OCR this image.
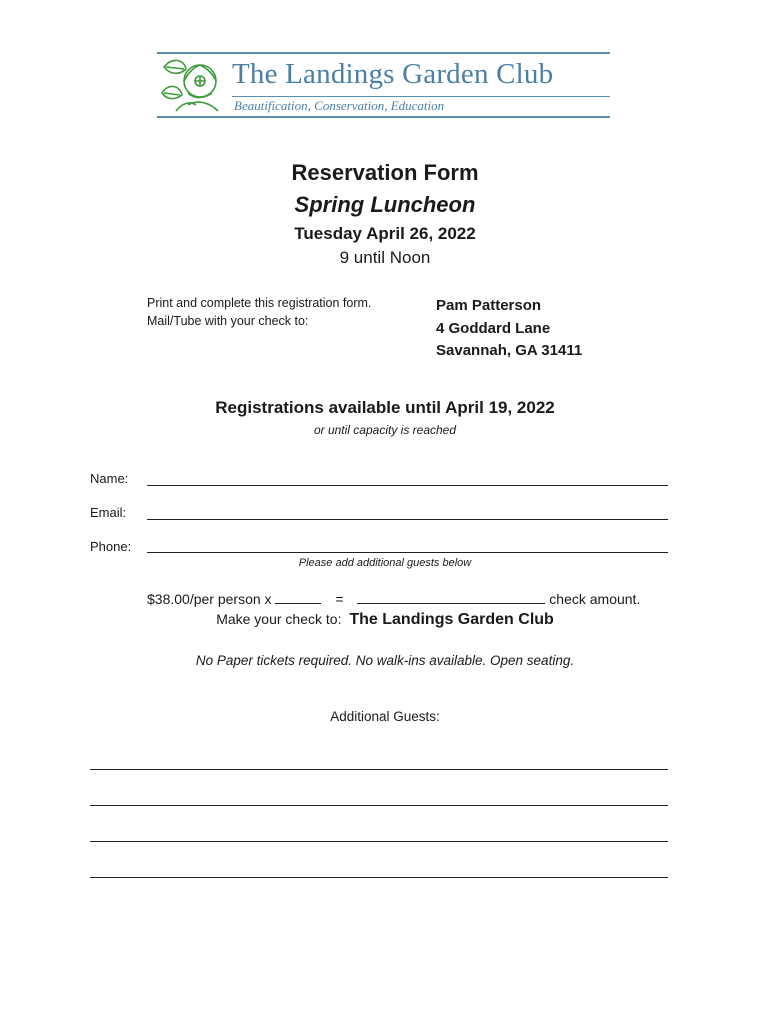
The Landings Garden Club
Beautification, Conservation, Education
Reservation Form
Spring Luncheon
Tuesday April 26, 2022
9 until Noon
Print and complete this registration form.
Mail/Tube with your check to:
Pam Patterson
4 Goddard Lane
Savannah, GA 31411
Registrations available until April 19, 2022
or until capacity is reached
Name:
Email:
Phone:
Please add additional guests below
$38.00/per person x	=	check amount.
Make your check to: The Landings Garden Club
No Paper tickets required. No walk-ins available. Open seating.
Additional Guests:
